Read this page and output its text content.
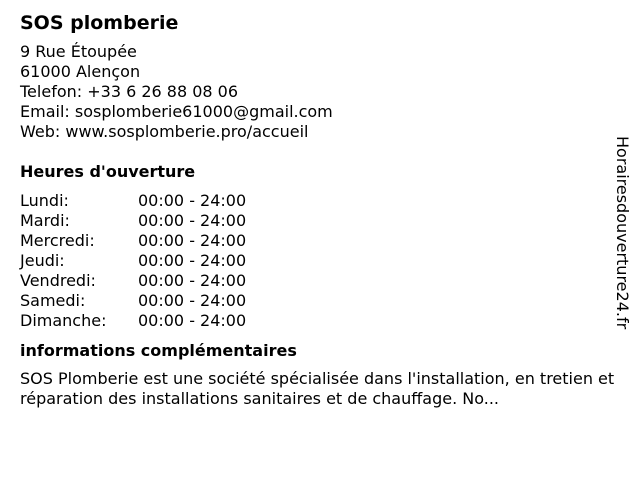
SOS plomberie
9 Rue Étoupée
61000 Alençon
Telefon: +33 6 26 88 08 06
Email: sosplomberie61000@gmail.com
Web: www.sosplomberie.pro/accueil
Heures d'ouverture
Lundi:	00:00 - 24:00
Mardi:	00:00 - 24:00
Mercredi:	00:00 - 24:00
Jeudi:	00:00 - 24:00
Vendredi:	00:00 - 24:00
Samedi:	00:00 - 24:00
Dimanche:	00:00 - 24:00
informations complémentaires

SOS Plomberie est une société spécialisée dans l'installation, en tretien et réparation des installations sanitaires et de chauffage. No...

Horairesdouverture24.fr
